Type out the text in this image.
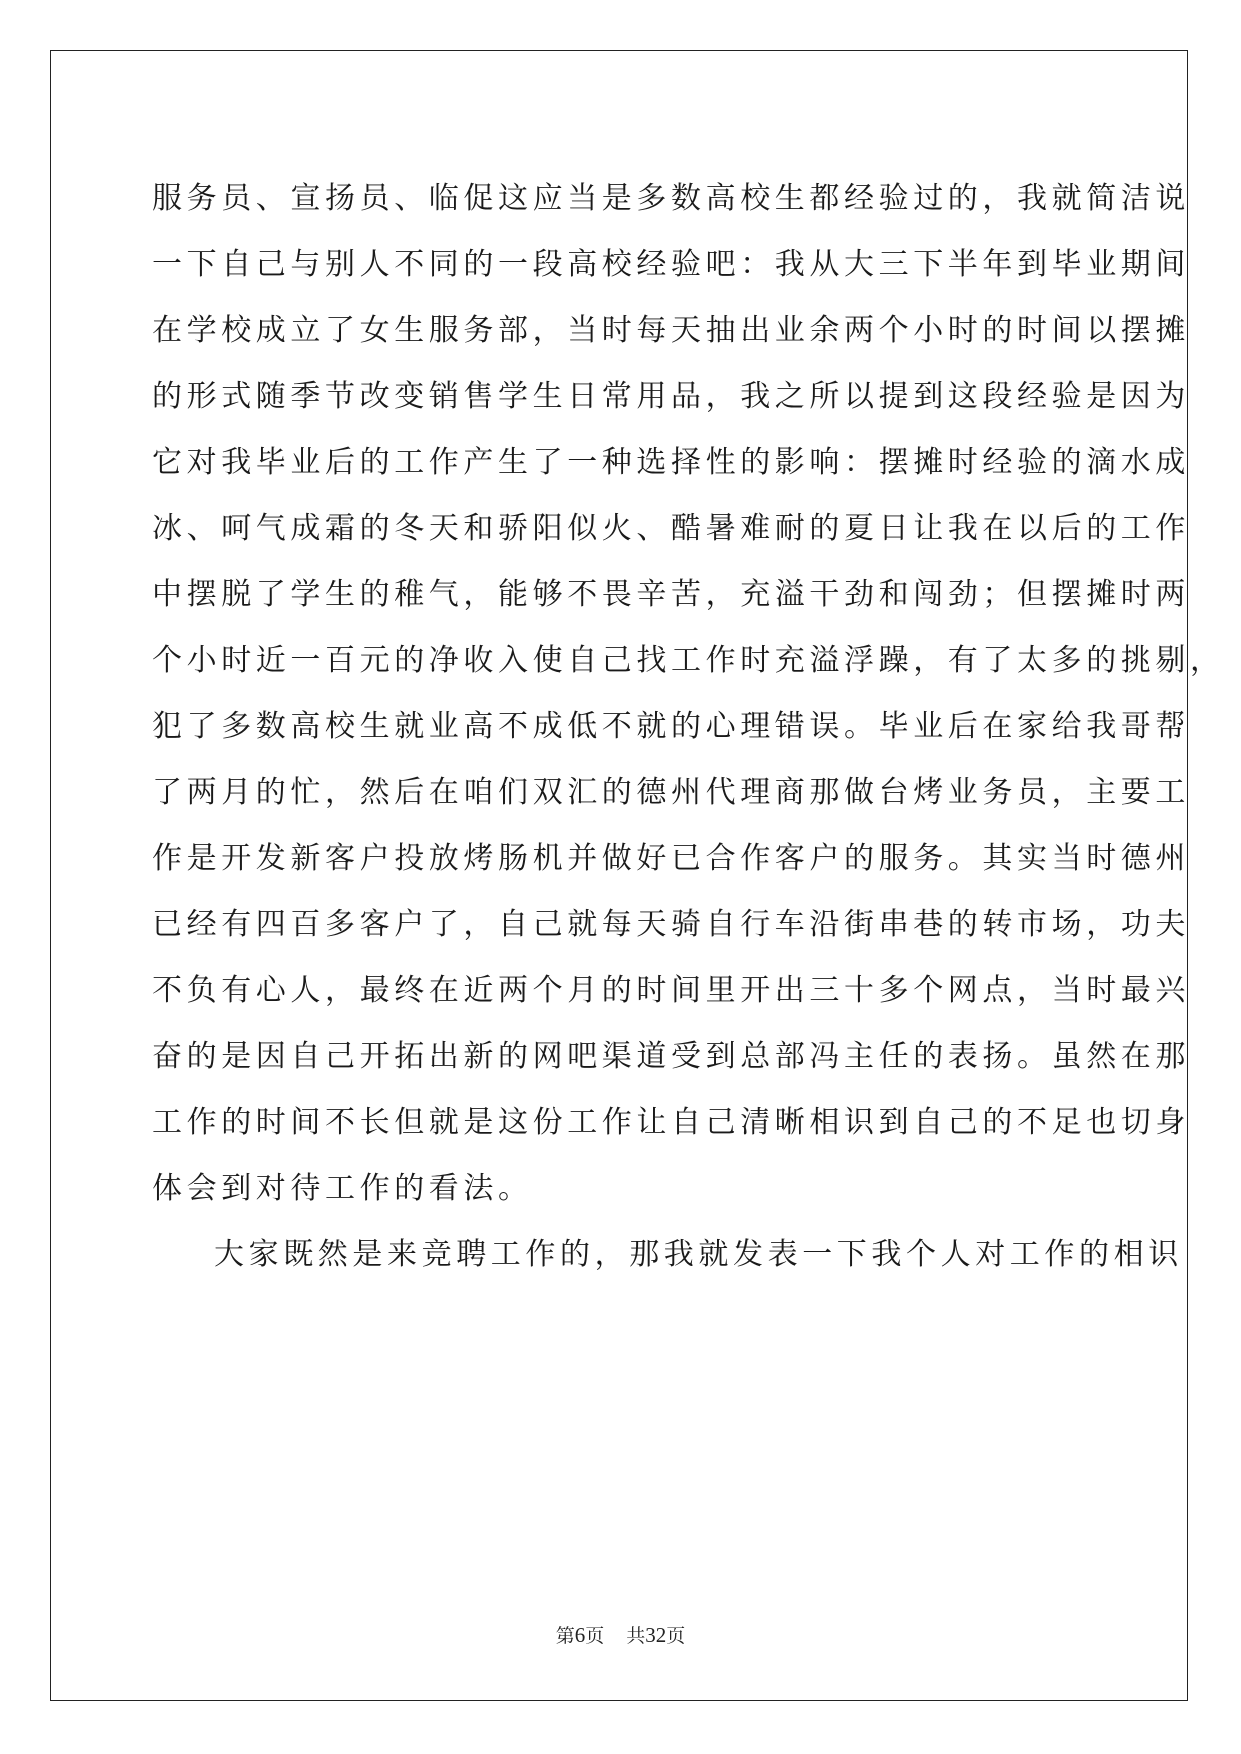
服务员、宣扬员、临促这应当是多数高校生都经验过的，我就简洁说
一下自己与别人不同的一段高校经验吧：我从大三下半年到毕业期间
在学校成立了女生服务部，当时每天抽出业余两个小时的时间以摆摊
的形式随季节改变销售学生日常用品，我之所以提到这段经验是因为
它对我毕业后的工作产生了一种选择性的影响：摆摊时经验的滴水成
冰、呵气成霜的冬天和骄阳似火、酷暑难耐的夏日让我在以后的工作
中摆脱了学生的稚气，能够不畏辛苦，充溢干劲和闯劲；但摆摊时两
个小时近一百元的净收入使自己找工作时充溢浮躁，有了太多的挑剔，
犯了多数高校生就业高不成低不就的心理错误。毕业后在家给我哥帮
了两月的忙，然后在咱们双汇的德州代理商那做台烤业务员，主要工
作是开发新客户投放烤肠机并做好已合作客户的服务。其实当时德州
已经有四百多客户了，自己就每天骑自行车沿街串巷的转市场，功夫
不负有心人，最终在近两个月的时间里开出三十多个网点，当时最兴
奋的是因自己开拓出新的网吧渠道受到总部冯主任的表扬。虽然在那
工作的时间不长但就是这份工作让自己清晰相识到自己的不足也切身
体会到对待工作的看法。
大家既然是来竞聘工作的，那我就发表一下我个人对工作的相识
第6页 共32页
